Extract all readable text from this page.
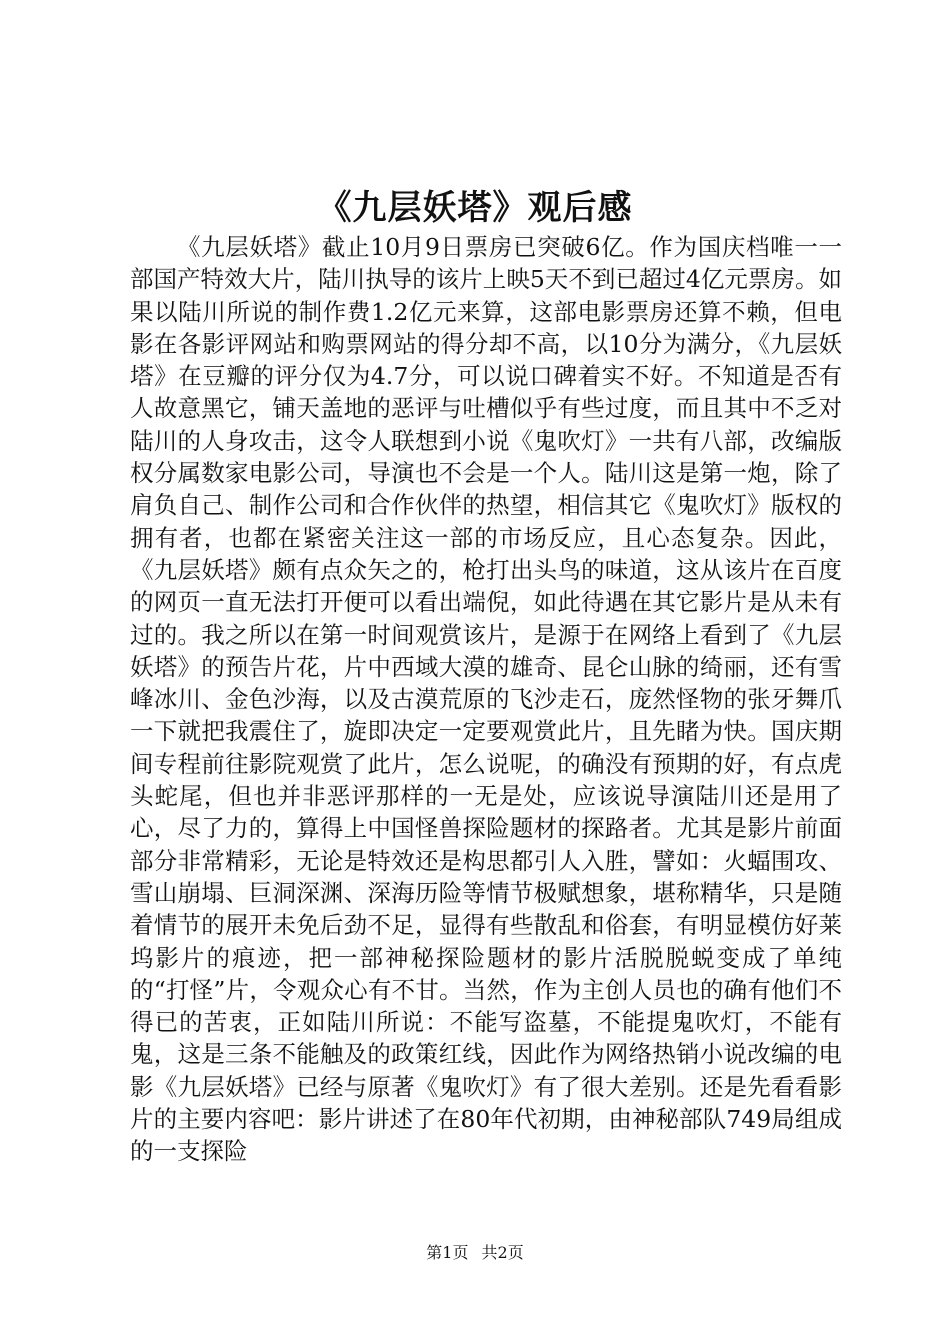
《九层妖塔》观后感

《九层妖塔》截止10月9日票房已突破6亿。作为国庆档唯一一部国产特效大片，陆川执导的该片上映5天不到已超过4亿元票房。如果以陆川所说的制作费1.2亿元来算，这部电影票房还算不赖，但电影在各影评网站和购票网站的得分却不高，以10分为满分，《九层妖塔》在豆瓣的评分仅为4.7分，可以说口碑着实不好。不知道是否有人故意黑它，铺天盖地的恶评与吐槽似乎有些过度，而且其中不乏对陆川的人身攻击，这令人联想到小说《鬼吹灯》一共有八部，改编版权分属数家电影公司，导演也不会是一个人。陆川这是第一炮，除了肩负自己、制作公司和合作伙伴的热望，相信其它《鬼吹灯》版权的拥有者，也都在紧密关注这一部的市场反应，且心态复杂。因此，《九层妖塔》颇有点众矢之的，枪打出头鸟的味道，这从该片在百度的网页一直无法打开便可以看出端倪，如此待遇在其它影片是从未有过的。我之所以在第一时间观赏该片，是源于在网络上看到了《九层妖塔》的预告片花，片中西域大漠的雄奇、昆仑山脉的绮丽，还有雪峰冰川、金色沙海，以及古漠荒原的飞沙走石，庞然怪物的张牙舞爪一下就把我震住了，旋即决定一定要观赏此片，且先睹为快。国庆期间专程前往影院观赏了此片，怎么说呢，的确没有预期的好，有点虎头蛇尾，但也并非恶评那样的一无是处，应该说导演陆川还是用了心，尽了力的，算得上中国怪兽探险题材的探路者。尤其是影片前面部分非常精彩，无论是特效还是构思都引人入胜，譬如：火蝠围攻、雪山崩塌、巨洞深渊、深海历险等情节极赋想象，堪称精华，只是随着情节的展开未免后劲不足，显得有些散乱和俗套，有明显模仿好莱坞影片的痕迹，把一部神秘探险题材的影片活脱脱蜕变成了单纯的“打怪”片，令观众心有不甘。当然，作为主创人员也的确有他们不得已的苦衷，正如陆川所说：不能写盗墓，不能提鬼吹灯，不能有鬼，这是三条不能触及的政策红线，因此作为网络热销小说改编的电影《九层妖塔》已经与原著《鬼吹灯》有了很大差别。还是先看看影片的主要内容吧：影片讲述了在80年代初期，由神秘部队749局组成的一支探险

第1页 共2页
